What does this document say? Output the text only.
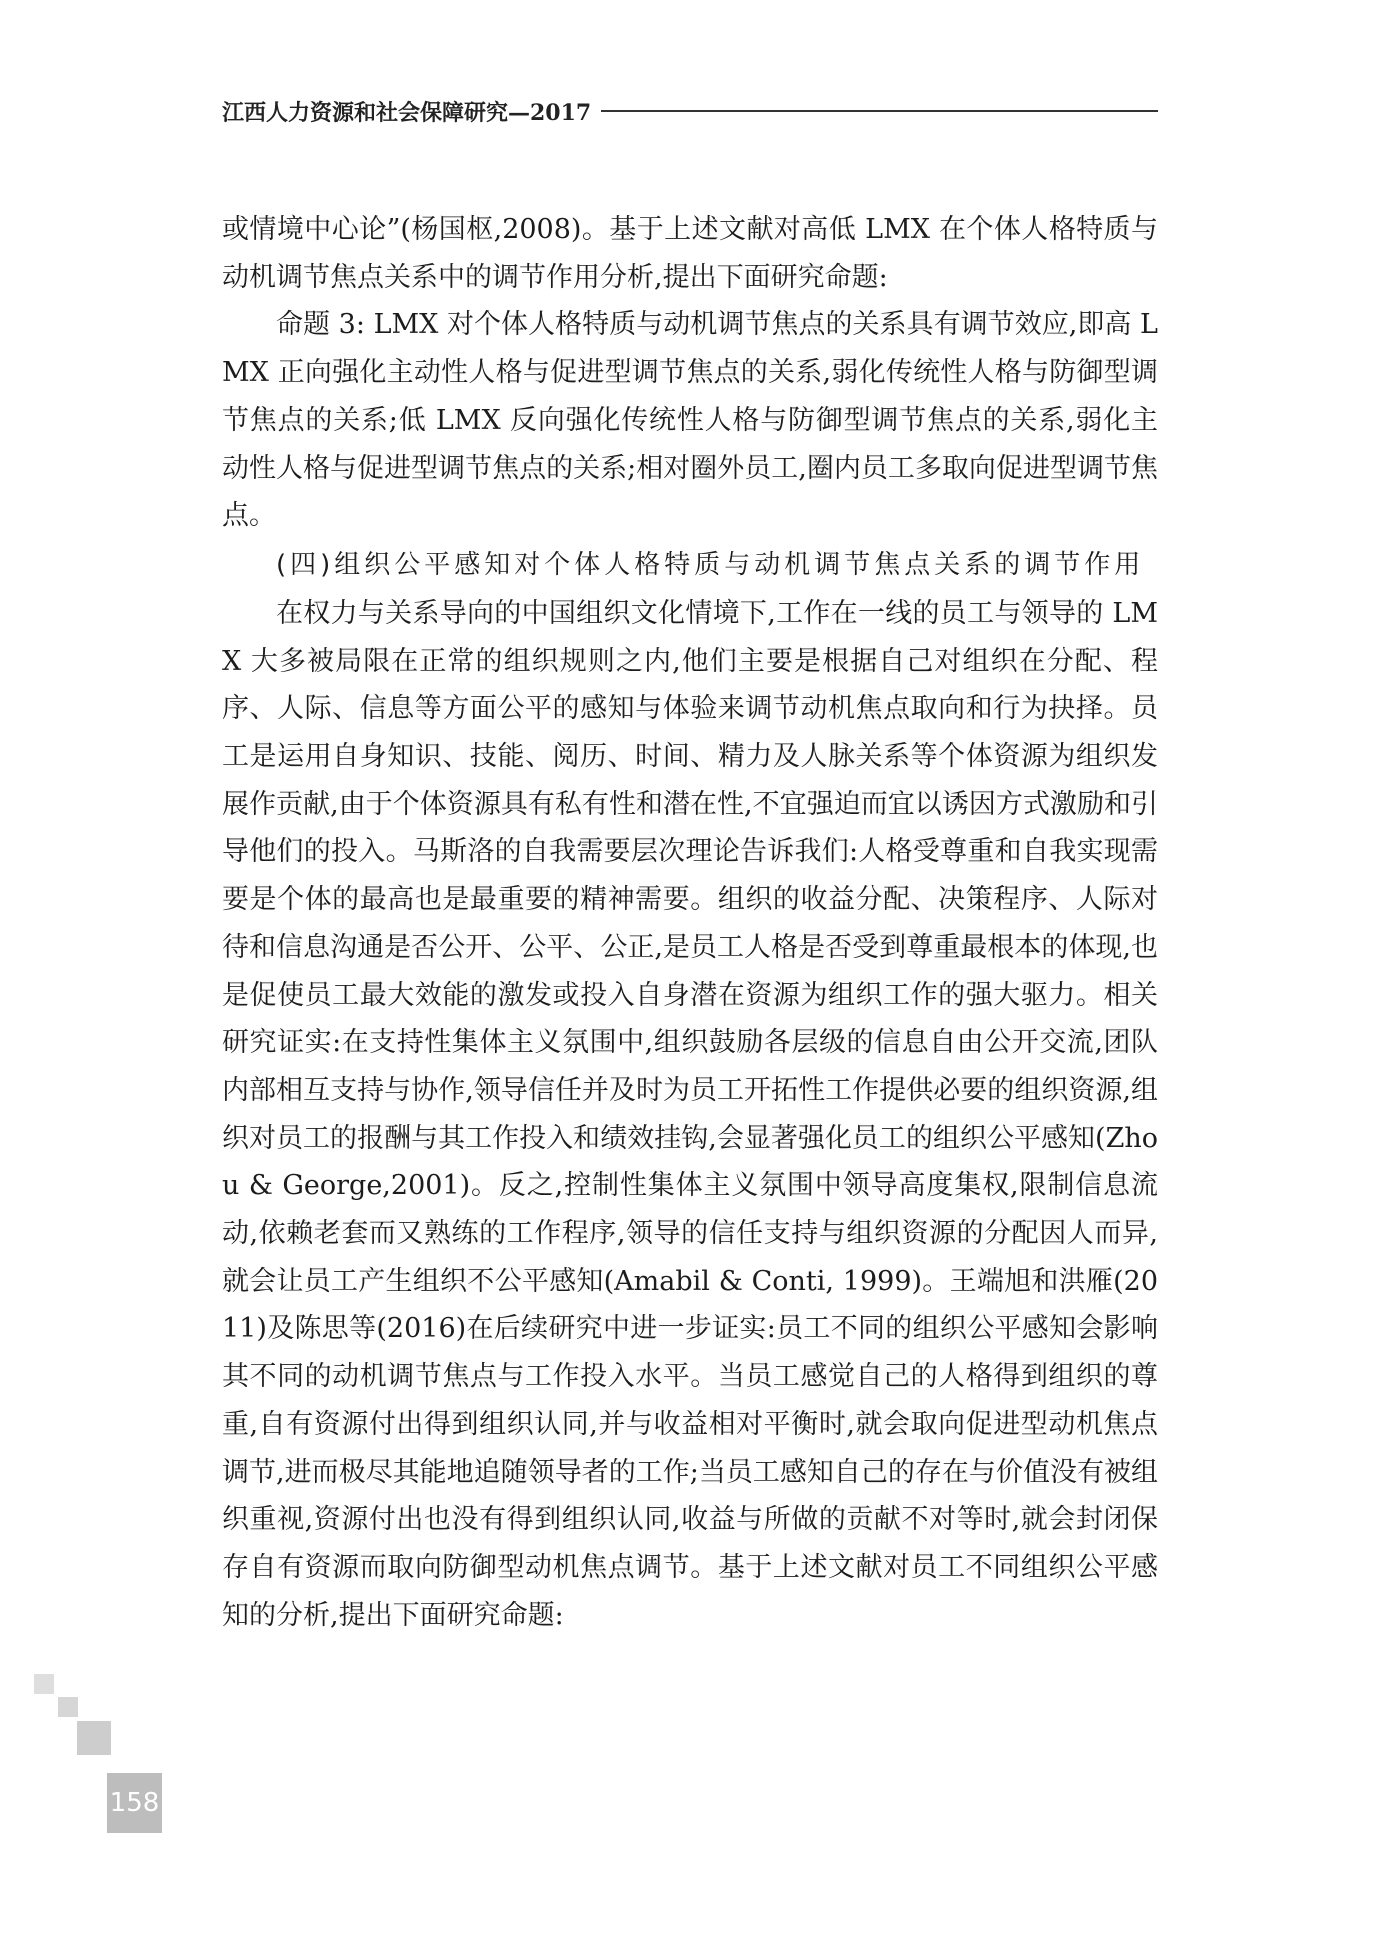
江西人力资源和社会保障研究—2017

或情境中心论”(杨国枢,2008)。基于上述文献对高低 LMX 在个体人格特质与动机调节焦点关系中的调节作用分析,提出下面研究命题:

命题 3: LMX 对个体人格特质与动机调节焦点的关系具有调节效应,即高 LMX 正向强化主动性人格与促进型调节焦点的关系,弱化传统性人格与防御型调节焦点的关系;低 LMX 反向强化传统性人格与防御型调节焦点的关系,弱化主动性人格与促进型调节焦点的关系;相对圈外员工,圈内员工多取向促进型调节焦点。

(四)组织公平感知对个体人格特质与动机调节焦点关系的调节作用

在权力与关系导向的中国组织文化情境下,工作在一线的员工与领导的 LMX 大多被局限在正常的组织规则之内,他们主要是根据自己对组织在分配、程序、人际、信息等方面公平的感知与体验来调节动机焦点取向和行为抉择。员工是运用自身知识、技能、阅历、时间、精力及人脉关系等个体资源为组织发展作贡献,由于个体资源具有私有性和潜在性,不宜强迫而宜以诱因方式激励和引导他们的投入。马斯洛的自我需要层次理论告诉我们:人格受尊重和自我实现需要是个体的最高也是最重要的精神需要。组织的收益分配、决策程序、人际对待和信息沟通是否公开、公平、公正,是员工人格是否受到尊重最根本的体现,也是促使员工最大效能的激发或投入自身潜在资源为组织工作的强大驱力。相关研究证实:在支持性集体主义氛围中,组织鼓励各层级的信息自由公开交流,团队内部相互支持与协作,领导信任并及时为员工开拓性工作提供必要的组织资源,组织对员工的报酬与其工作投入和绩效挂钩,会显著强化员工的组织公平感知(Zhou & George,2001)。反之,控制性集体主义氛围中领导高度集权,限制信息流动,依赖老套而又熟练的工作程序,领导的信任支持与组织资源的分配因人而异,就会让员工产生组织不公平感知(Amabil & Conti, 1999)。王端旭和洪雁(2011)及陈思等(2016)在后续研究中进一步证实:员工不同的组织公平感知会影响其不同的动机调节焦点与工作投入水平。当员工感觉自己的人格得到组织的尊重,自有资源付出得到组织认同,并与收益相对平衡时,就会取向促进型动机焦点调节,进而极尽其能地追随领导者的工作;当员工感知自己的存在与价值没有被组织重视,资源付出也没有得到组织认同,收益与所做的贡献不对等时,就会封闭保存自有资源而取向防御型动机焦点调节。基于上述文献对员工不同组织公平感知的分析,提出下面研究命题:

158
